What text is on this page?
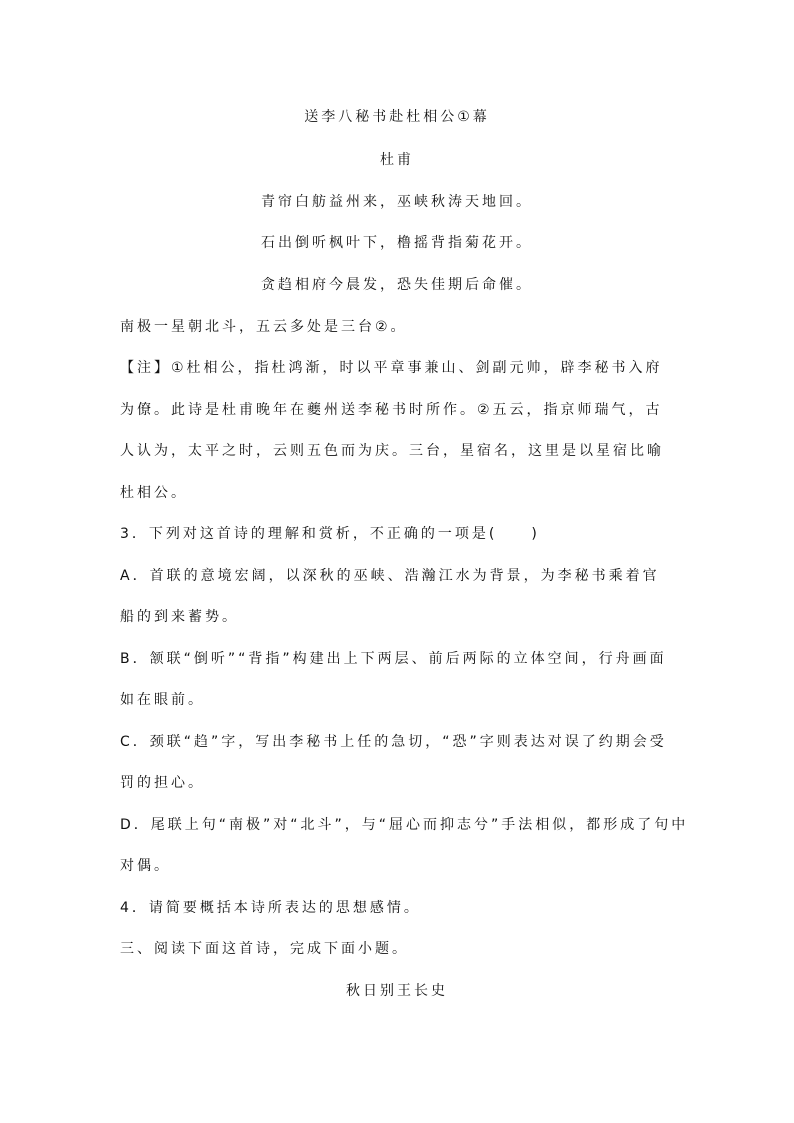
送李八秘书赴杜相公①幕
杜甫
青帘白舫益州来，巫峡秋涛天地回。
石出倒听枫叶下，橹摇背指菊花开。
贪趋相府今晨发，恐失佳期后命催。
南极一星朝北斗，五云多处是三台②。
【注】①杜相公，指杜鸿渐，时以平章事兼山、剑副元帅，辟李秘书入府
为僚。此诗是杜甫晚年在夔州送李秘书时所作。②五云，指京师瑞气，古
人认为，太平之时，云则五色而为庆。三台，星宿名，这里是以星宿比喻
杜相公。
3．下列对这首诗的理解和赏析，不正确的一项是(　　)
A．首联的意境宏阔，以深秋的巫峡、浩瀚江水为背景，为李秘书乘着官
船的到来蓄势。
B．颔联“倒听”“背指”构建出上下两层、前后两际的立体空间，行舟画面
如在眼前。
C．颈联“趋”字，写出李秘书上任的急切，“恐”字则表达对误了约期会受
罚的担心。
D．尾联上句“南极”对“北斗”，与“屈心而抑志兮”手法相似，都形成了句中
对偶。
4．请简要概括本诗所表达的思想感情。
三、阅读下面这首诗，完成下面小题。
秋日别王长史
